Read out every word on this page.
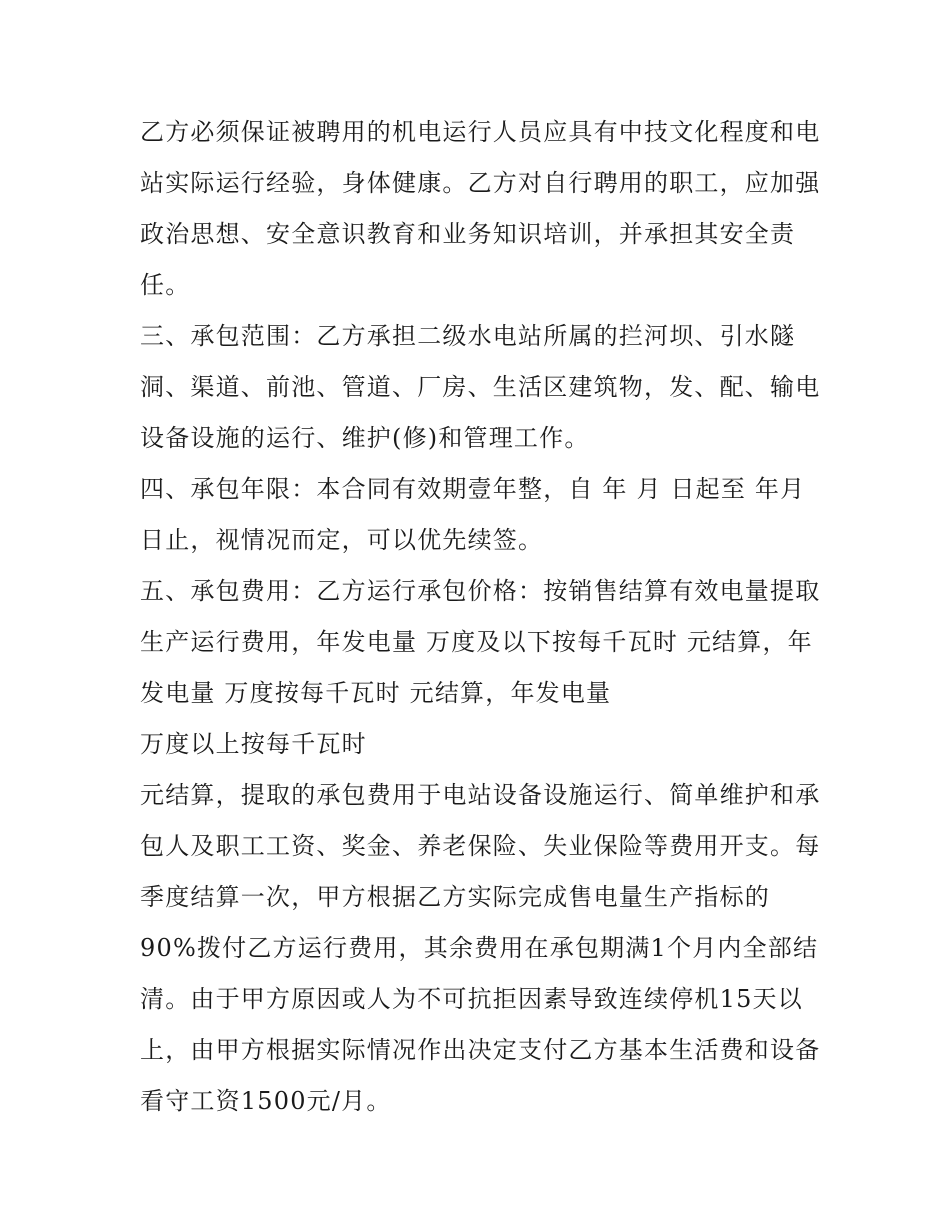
乙方必须保证被聘用的机电运行人员应具有中技文化程度和电
站实际运行经验，身体健康。乙方对自行聘用的职工，应加强
政治思想、安全意识教育和业务知识培训，并承担其安全责
任。
三、承包范围：乙方承担二级水电站所属的拦河坝、引水隧
洞、渠道、前池、管道、厂房、生活区建筑物，发、配、输电
设备设施的运行、维护(修)和管理工作。
四、承包年限：本合同有效期壹年整，自 年 月 日起至 年月
日止，视情况而定，可以优先续签。
五、承包费用：乙方运行承包价格：按销售结算有效电量提取
生产运行费用，年发电量 万度及以下按每千瓦时 元结算，年
发电量 万度按每千瓦时 元结算，年发电量
万度以上按每千瓦时
元结算，提取的承包费用于电站设备设施运行、简单维护和承
包人及职工工资、奖金、养老保险、失业保险等费用开支。每
季度结算一次，甲方根据乙方实际完成售电量生产指标的
90%拨付乙方运行费用，其余费用在承包期满1个月内全部结
清。由于甲方原因或人为不可抗拒因素导致连续停机15天以
上，由甲方根据实际情况作出决定支付乙方基本生活费和设备
看守工资1500元/月。
